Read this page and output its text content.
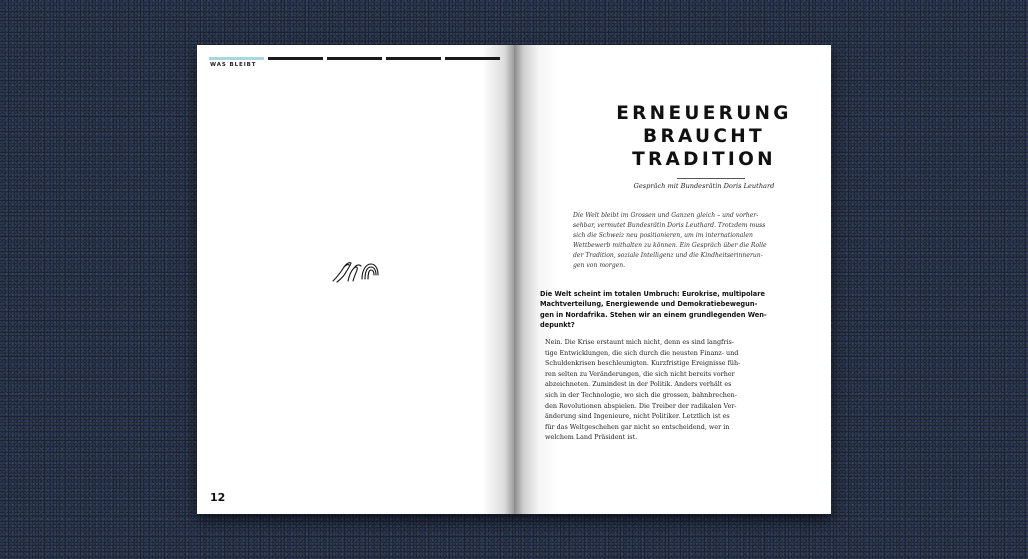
WAS BLEIBT
12
ERNEUERUNG
BRAUCHT
TRADITION
Gespräch mit Bundesrätin Doris Leuthard
Die Welt bleibt im Grossen und Ganzen gleich – und vorher-
sehbar, vermutet Bundesrätin Doris Leuthard. Trotzdem muss
sich die Schweiz neu positionieren, um im internationalen
Wettbewerb mithalten zu können. Ein Gespräch über die Rolle
der Tradition, soziale Intelligenz und die Kindheitserinnerun-
gen von morgen.
Die Welt scheint im totalen Umbruch: Eurokrise, multipolare
Machtverteilung, Energiewende und Demokratiebewegun-
gen in Nordafrika. Stehen wir an einem grundlegenden Wen-
depunkt?
Nein. Die Krise erstaunt mich nicht, denn es sind langfris-
tige Entwicklungen, die sich durch die neusten Finanz- und
Schuldenkrisen beschleunigten. Kurzfristige Ereignisse füh-
ren selten zu Veränderungen, die sich nicht bereits vorher
abzeichneten. Zumindest in der Politik. Anders verhält es
sich in der Technologie, wo sich die grossen, bahnbrechen-
den Revolutionen abspielen. Die Treiber der radikalen Ver-
änderung sind Ingenieure, nicht Politiker. Letztlich ist es
für das Weltgeschehen gar nicht so entscheidend, wer in
welchem Land Präsident ist.
